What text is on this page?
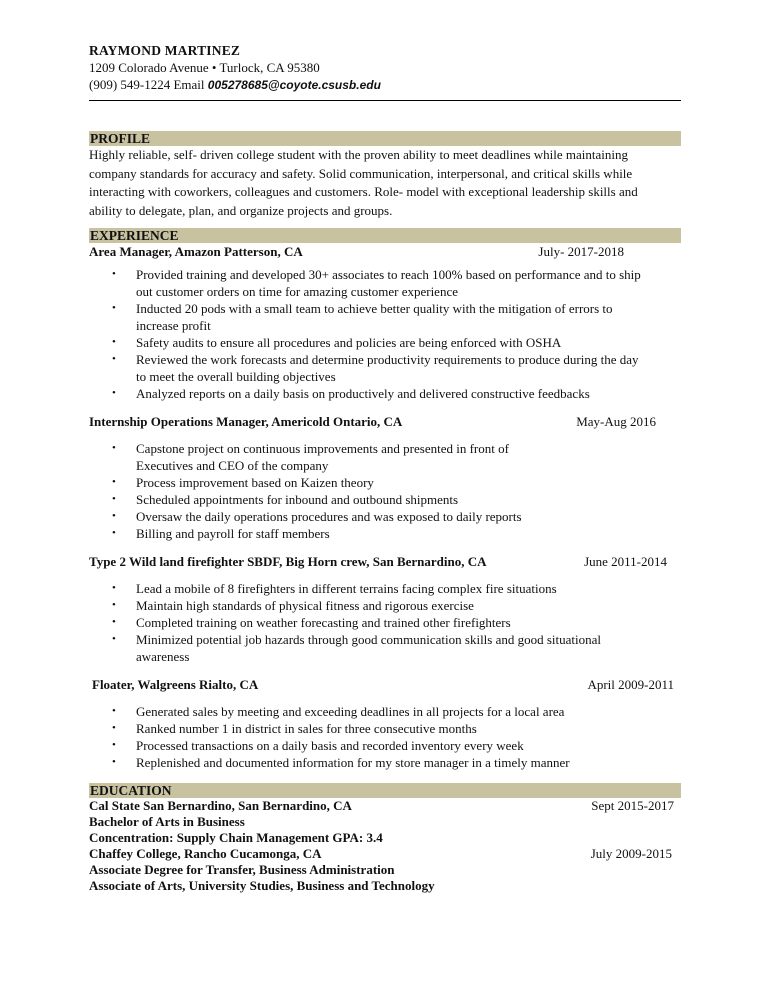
RAYMOND MARTINEZ
1209 Colorado Avenue • Turlock, CA 95380
(909) 549-1224 Email 005278685@coyote.csusb.edu
PROFILE
Highly reliable, self- driven college student with the proven ability to meet deadlines while maintaining
company standards for accuracy and safety. Solid communication, interpersonal, and critical skills while
interacting with coworkers, colleagues and customers. Role- model with exceptional leadership skills and
ability to delegate, plan, and organize projects and groups.
EXPERIENCE
Area Manager, Amazon Patterson, CA	July- 2017-2018
• Provided training and developed 30+ associates to reach 100% based on performance and to ship out customer orders on time for amazing customer experience
• Inducted 20 pods with a small team to achieve better quality with the mitigation of errors to increase profit
• Safety audits to ensure all procedures and policies are being enforced with OSHA
• Reviewed the work forecasts and determine productivity requirements to produce during the day to meet the overall building objectives
• Analyzed reports on a daily basis on productively and delivered constructive feedbacks
Internship Operations Manager, Americold Ontario, CA	May-Aug 2016
• Capstone project on continuous improvements and presented in front of Executives and CEO of the company
• Process improvement based on Kaizen theory
• Scheduled appointments for inbound and outbound shipments
• Oversaw the daily operations procedures and was exposed to daily reports
• Billing and payroll for staff members
Type 2 Wild land firefighter SBDF, Big Horn crew, San Bernardino, CA	June 2011-2014
• Lead a mobile of 8 firefighters in different terrains facing complex fire situations
• Maintain high standards of physical fitness and rigorous exercise
• Completed training on weather forecasting and trained other firefighters
• Minimized potential job hazards through good communication skills and good situational awareness
Floater, Walgreens Rialto, CA	April 2009-2011
• Generated sales by meeting and exceeding deadlines in all projects for a local area
• Ranked number 1 in district in sales for three consecutive months
• Processed transactions on a daily basis and recorded inventory every week
• Replenished and documented information for my store manager in a timely manner
EDUCATION
Cal State San Bernardino, San Bernardino, CA	Sept 2015-2017
Bachelor of Arts in Business
Concentration: Supply Chain Management GPA: 3.4
Chaffey College, Rancho Cucamonga, CA	July 2009-2015
Associate Degree for Transfer, Business Administration
Associate of Arts, University Studies, Business and Technology
